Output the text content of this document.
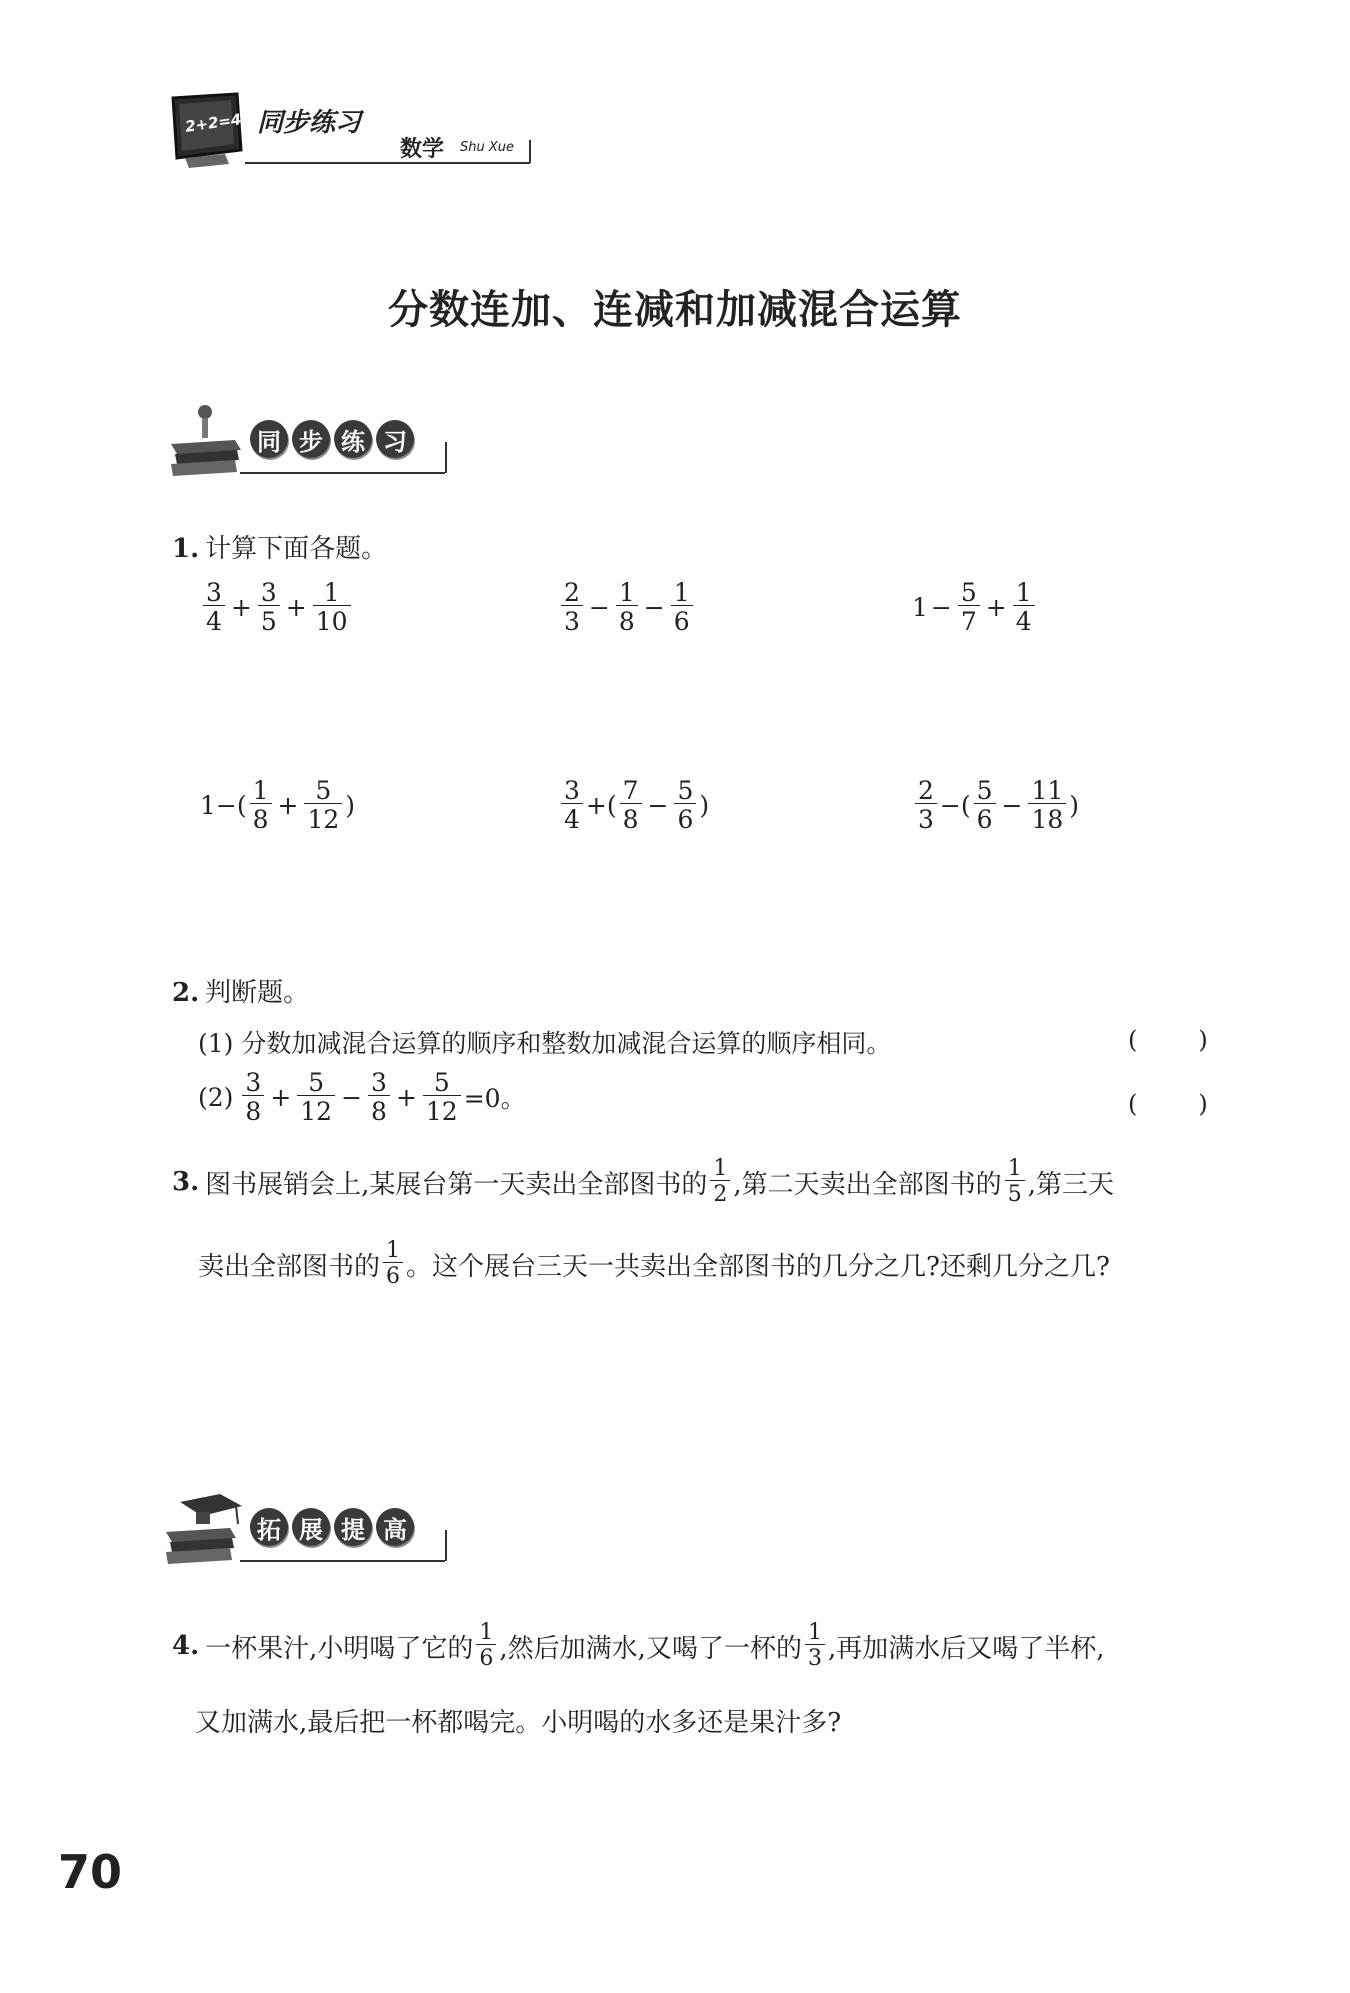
2+2=4 同步练习
数学 Shu Xue
分数连加、连减和加减混合运算
同 步 练 习
1. 计算下面各题。
$\frac{3}{4} + \frac{3}{5} + \frac{1}{10}$	$\frac{2}{3} - \frac{1}{8} - \frac{1}{6}$	$1 - \frac{5}{7} + \frac{1}{4}$
$1-( \frac{1}{8} + \frac{5}{12}$ )	$\frac{3}{4}$ +( $\frac{7}{8} - \frac{5}{6}$ )	$\frac{2}{3}$ −( $\frac{5}{6} - \frac{11}{18}$ )
2. 判断题。
(1) 分数加减混合运算的顺序和整数加减混合运算的顺序相同。	(        )
$(2) \frac{3}{8} + \frac{5}{12} - \frac{3}{8} + \frac{5}{12} =0$。	(        )
3. 图书展销会上,某展台第一天卖出全部图书的 $\frac{1}{2}$ ,第二天卖出全部图书的 $\frac{1}{5}$ ,第三天
卖出全部图书的 $\frac{1}{6}$ 。这个展台三天一共卖出全部图书的几分之几?还剩几分之几?
拓 展 提 高
4. 一杯果汁,小明喝了它的 $\frac{1}{6}$ ,然后加满水,又喝了一杯的 $\frac{1}{3}$ ,再加满水后又喝了半杯,
又加满水,最后把一杯都喝完。小明喝的水多还是果汁多?
70
